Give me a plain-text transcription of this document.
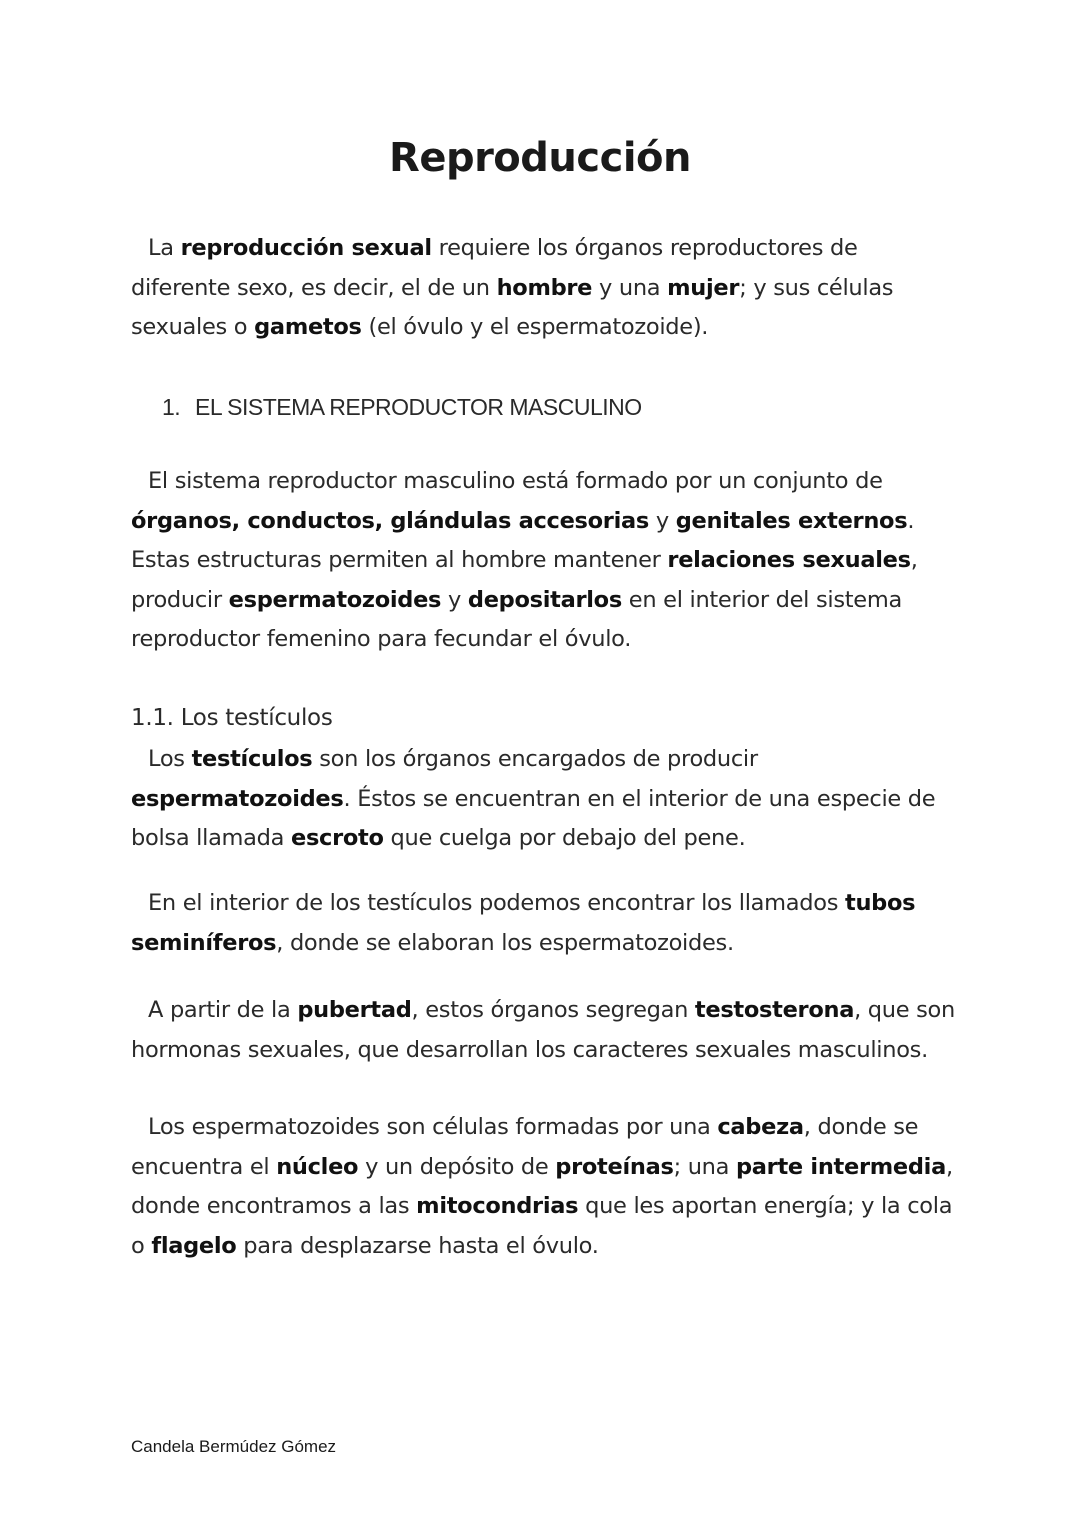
Reproducción

La reproducción sexual requiere los órganos reproductores de diferente sexo, es decir, el de un hombre y una mujer; y sus células sexuales o gametos (el óvulo y el espermatozoide).

1. EL SISTEMA REPRODUCTOR MASCULINO

El sistema reproductor masculino está formado por un conjunto de órganos, conductos, glándulas accesorias y genitales externos. Estas estructuras permiten al hombre mantener relaciones sexuales, producir espermatozoides y depositarlos en el interior del sistema reproductor femenino para fecundar el óvulo.

1.1. Los testículos

Los testículos son los órganos encargados de producir espermatozoides. Éstos se encuentran en el interior de una especie de bolsa llamada escroto que cuelga por debajo del pene.

En el interior de los testículos podemos encontrar los llamados tubos seminíferos, donde se elaboran los espermatozoides.

A partir de la pubertad, estos órganos segregan testosterona, que son hormonas sexuales, que desarrollan los caracteres sexuales masculinos.

Los espermatozoides son células formadas por una cabeza, donde se encuentra el núcleo y un depósito de proteínas; una parte intermedia, donde encontramos a las mitocondrias que les aportan energía; y la cola o flagelo para desplazarse hasta el óvulo.

Candela Bermúdez Gómez
